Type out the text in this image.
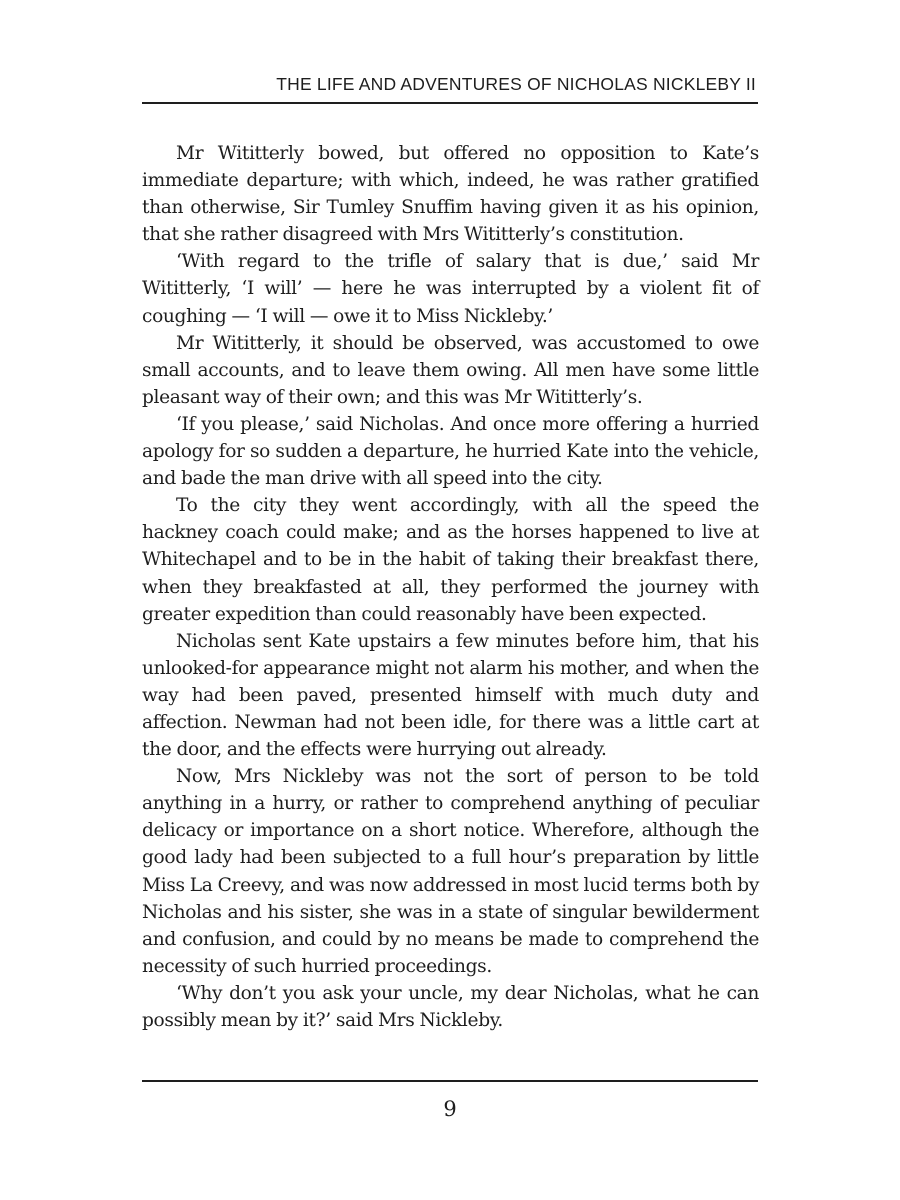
THE LIFE AND ADVENTURES OF NICHOLAS NICKLEBY II

Mr Wititterly bowed, but offered no opposition to Kate’s immediate departure; with which, indeed, he was rather gratified than otherwise, Sir Tumley Snuffim having given it as his opinion, that she rather disagreed with Mrs Wititterly’s constitution.

‘With regard to the trifle of salary that is due,’ said Mr Wititterly, ‘I will’ — here he was interrupted by a violent fit of coughing — ‘I will — owe it to Miss Nickleby.’

Mr Wititterly, it should be observed, was accustomed to owe small accounts, and to leave them owing. All men have some little pleasant way of their own; and this was Mr Wititterly’s.

‘If you please,’ said Nicholas. And once more offering a hurried apology for so sudden a departure, he hurried Kate into the vehicle, and bade the man drive with all speed into the city.

To the city they went accordingly, with all the speed the hackney coach could make; and as the horses happened to live at Whitechapel and to be in the habit of taking their breakfast there, when they breakfasted at all, they performed the journey with greater expedition than could reasonably have been expected.

Nicholas sent Kate upstairs a few minutes before him, that his unlooked-for appearance might not alarm his mother, and when the way had been paved, presented himself with much duty and affection. Newman had not been idle, for there was a little cart at the door, and the effects were hurrying out already.

Now, Mrs Nickleby was not the sort of person to be told anything in a hurry, or rather to comprehend anything of peculiar delicacy or importance on a short notice. Wherefore, although the good lady had been subjected to a full hour’s preparation by little Miss La Creevy, and was now addressed in most lucid terms both by Nicholas and his sister, she was in a state of singular bewilderment and confusion, and could by no means be made to comprehend the necessity of such hurried proceedings.

‘Why don’t you ask your uncle, my dear Nicholas, what he can possibly mean by it?’ said Mrs Nickleby.

9
